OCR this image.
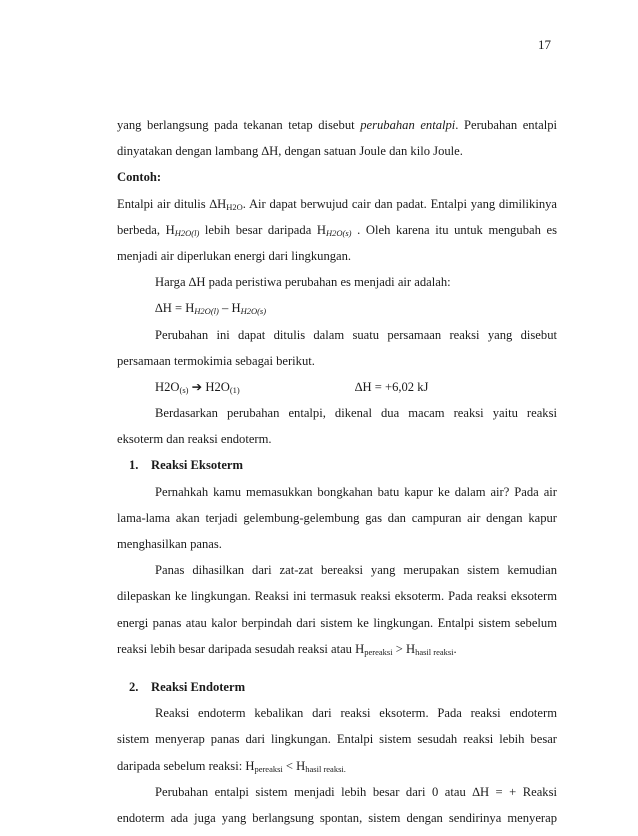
17
yang berlangsung pada tekanan tetap disebut perubahan entalpi. Perubahan entalpi
dinyatakan dengan lambang ∆H, dengan satuan Joule dan kilo Joule.
Contoh:
Entalpi air ditulis $\Delta H_{H2O}$. Air dapat berwujud cair dan padat. Entalpi yang dimilikinya
berbeda, $H_{H2O(l)}$ lebih besar daripada $H_{H2O(s)}$ . Oleh karena itu untuk mengubah es
menjadi air diperlukan energi dari lingkungan.
Harga ∆H pada peristiwa perubahan es menjadi air adalah:
$\Delta H = H_{H2O(l)} - H_{H2O(s)}$
Perubahan ini dapat ditulis dalam suatu persamaan reaksi yang disebut
persamaan termokimia sebagai berikut.
$H2O_{(s)}$ ➔ $H2O_{(1)}$	∆H = +6,02 kJ
Berdasarkan perubahan entalpi, dikenal dua macam reaksi yaitu reaksi
eksoterm dan reaksi endoterm.
1. Reaksi Eksoterm
Pernahkah kamu memasukkan bongkahan batu kapur ke dalam air? Pada air
lama-lama akan terjadi gelembung-gelembung gas dan campuran air dengan kapur
menghasilkan panas.
Panas dihasilkan dari zat-zat bereaksi yang merupakan sistem kemudian
dilepaskan ke lingkungan. Reaksi ini termasuk reaksi eksoterm. Pada reaksi eksoterm
energi panas atau kalor berpindah dari sistem ke lingkungan. Entalpi sistem sebelum
reaksi lebih besar daripada sesudah reaksi atau $H_{pereaksi} > H_{hasil reaksi}$.
2. Reaksi Endoterm
Reaksi endoterm kebalikan dari reaksi eksoterm. Pada reaksi endoterm
sistem menyerap panas dari lingkungan. Entalpi sistem sesudah reaksi lebih besar
daripada sebelum reaksi: $H_{pereaksi} < H_{hasil reaksi.}$
Perubahan entalpi sistem menjadi lebih besar dari 0 atau ∆H = + Reaksi
endoterm ada juga yang berlangsung spontan, sistem dengan sendirinya menyerap
